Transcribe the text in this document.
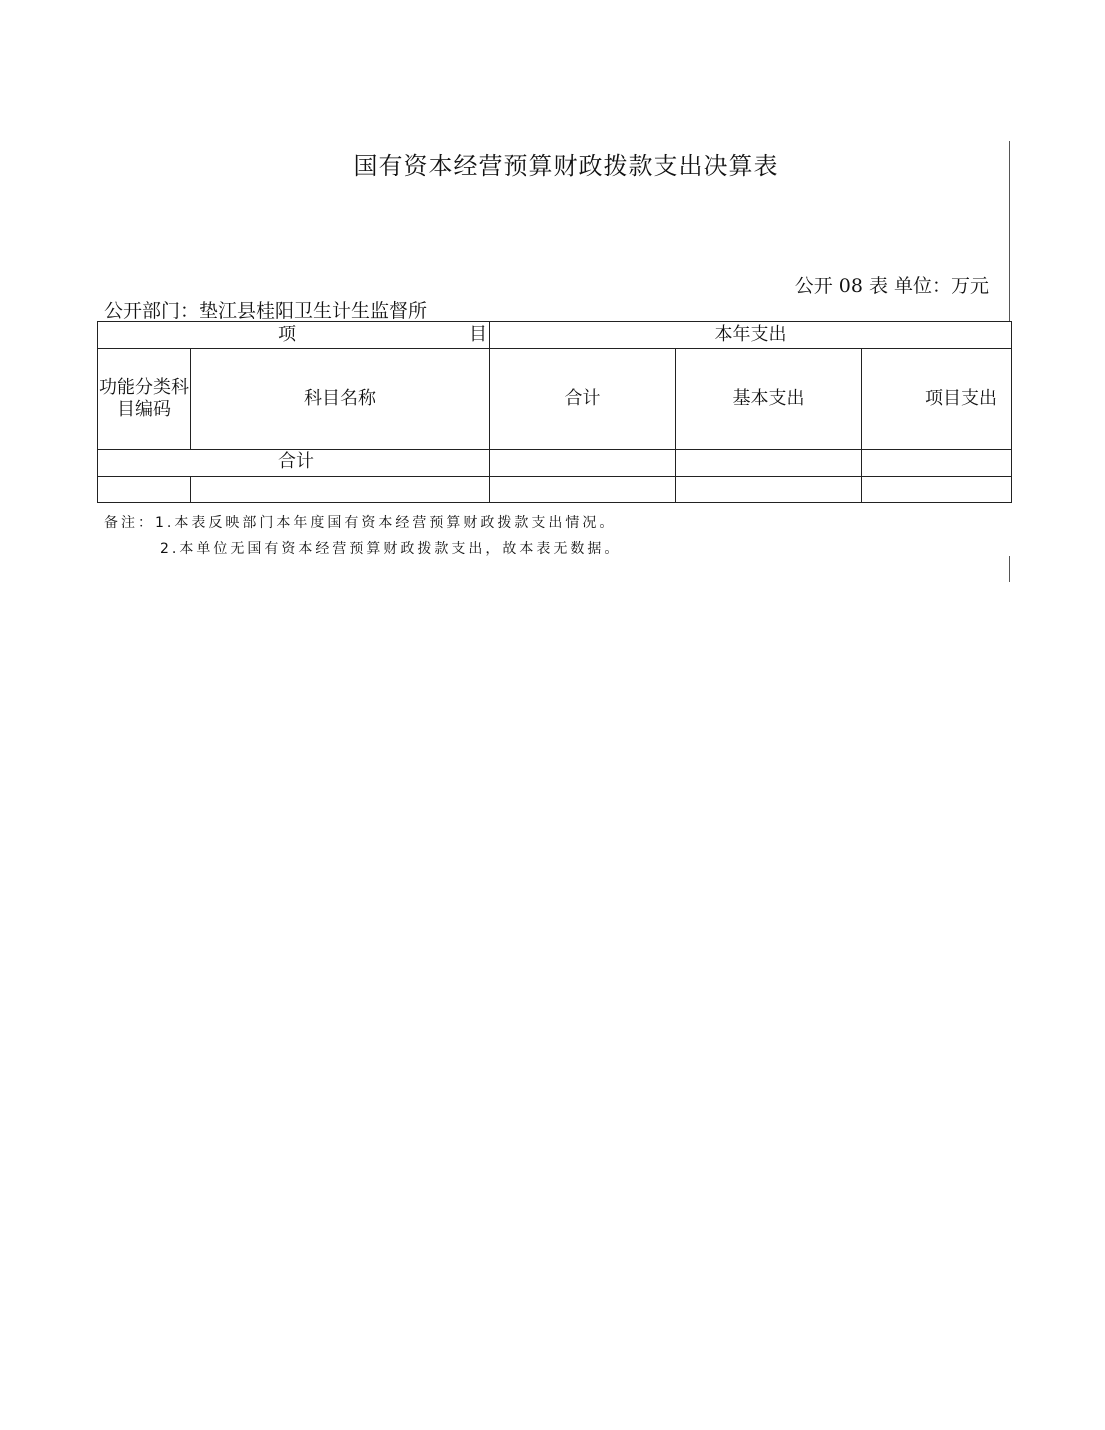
国有资本经营预算财政拨款支出决算表
公开 08 表 单位：万元
公开部门：垫江县桂阳卫生计生监督所
项 目		本年支出		
功能分类科目编码	科目名称	合计	基本支出	项目支出

合计				

备注：1.本表反映部门本年度国有资本经营预算财政拨款支出情况。
2.本单位无国有资本经营预算财政拨款支出，故本表无数据。
